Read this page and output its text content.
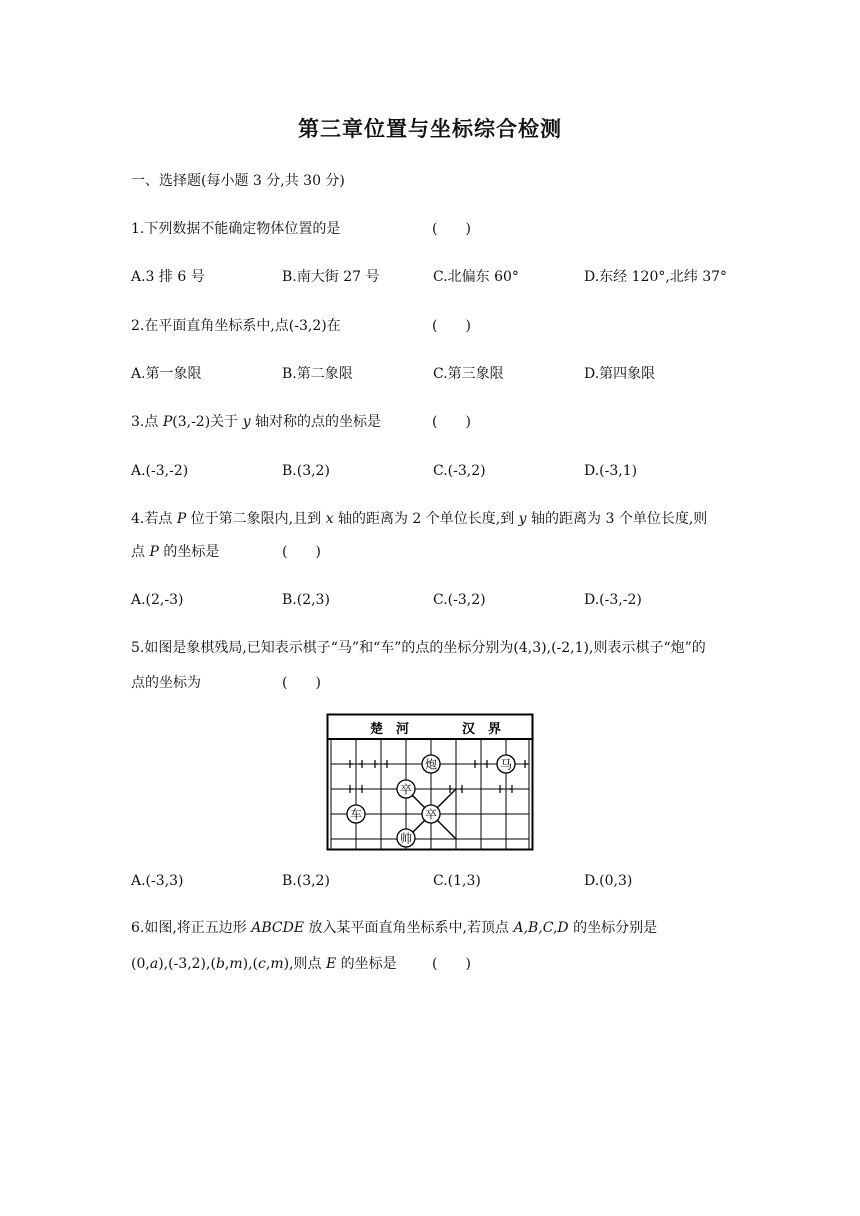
第三章位置与坐标综合检测
一、选择题(每小题 3 分,共 30 分)
1.下列数据不能确定物体位置的是	(　　)
A.3 排 6 号	B.南大街 27 号	C.北偏东 60°	D.东经 120°,北纬 37°
2.在平面直角坐标系中,点(-3,2)在	(　　)
A.第一象限	B.第二象限	C.第三象限	D.第四象限
3.点 P(3,-2)关于 y 轴对称的点的坐标是	(　　)
A.(-3,-2)	B.(3,2)	C.(-3,2)	D.(-3,1)
4.若点 P 位于第二象限内,且到 x 轴的距离为 2 个单位长度,到 y 轴的距离为 3 个单位长度,则
点 P 的坐标是	(　　)
A.(2,-3)	B.(2,3)	C.(-3,2)	D.(-3,-2)
5.如图是象棋残局,已知表示棋子“马”和“车”的点的坐标分别为(4,3),(-2,1),则表示棋子“炮”的
点的坐标为	(　　)
楚　河	汉　界
炮	马
卒
卒
车
帅
A.(-3,3)	B.(3,2)	C.(1,3)	D.(0,3)
6.如图,将正五边形 ABCDE 放入某平面直角坐标系中,若顶点 A,B,C,D 的坐标分别是
(0,a),(-3,2),(b,m),(c,m),则点 E 的坐标是	(　　)
